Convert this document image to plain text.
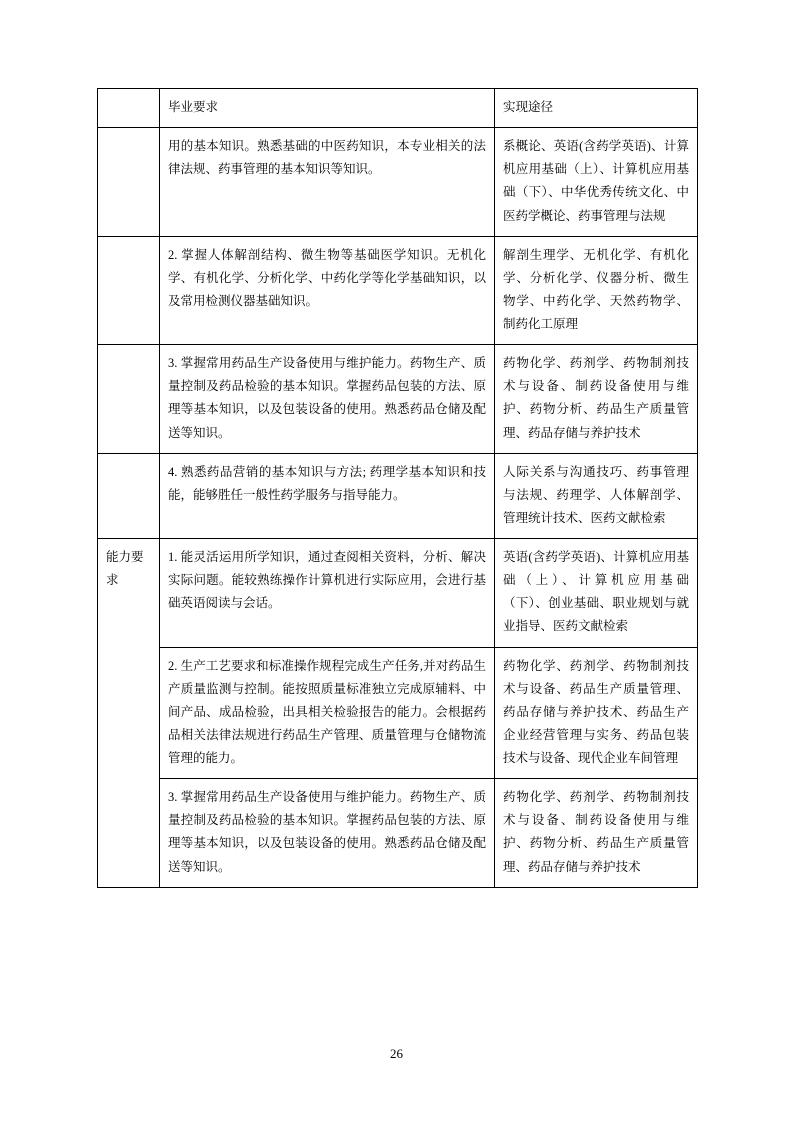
	毕业要求	实现途径

	用的基本知识。熟悉基础的中医药知识，本专业相关的法律法规、药事管理的基本知识等知识。	系概论、英语(含药学英语)、计算机应用基础（上）、计算机应用基础（下）、中华优秀传统文化、中医药学概论、药事管理与法规

	2. 掌握人体解剖结构、微生物等基础医学知识。无机化学、有机化学、分析化学、中药化学等化学基础知识，以及常用检测仪器基础知识。	解剖生理学、无机化学、有机化学、分析化学、仪器分析、微生物学、中药化学、天然药物学、制药化工原理

	3. 掌握常用药品生产设备使用与维护能力。药物生产、质量控制及药品检验的基本知识。掌握药品包装的方法、原理等基本知识，以及包装设备的使用。熟悉药品仓储及配送等知识。	药物化学、药剂学、药物制剂技术与设备、制药设备使用与维护、药物分析、药品生产质量管理、药品存储与养护技术

	4. 熟悉药品营销的基本知识与方法; 药理学基本知识和技能，能够胜任一般性药学服务与指导能力。	人际关系与沟通技巧、药事管理与法规、药理学、人体解剖学、管理统计技术、医药文献检索

能力要求	1. 能灵活运用所学知识，通过查阅相关资料，分析、解决实际问题。能较熟练操作计算机进行实际应用，会进行基础英语阅读与会话。	英语(含药学英语)、计算机应用基础（上）、计算机应用基础（下）、创业基础、职业规划与就业指导、医药文献检索

	2. 生产工艺要求和标准操作规程完成生产任务,并对药品生产质量监测与控制。能按照质量标准独立完成原辅料、中间产品、成品检验，出具相关检验报告的能力。会根据药品相关法律法规进行药品生产管理、质量管理与仓储物流管理的能力。	药物化学、药剂学、药物制剂技术与设备、药品生产质量管理、药品存储与养护技术、药品生产企业经营管理与实务、药品包装技术与设备、现代企业车间管理

	3. 掌握常用药品生产设备使用与维护能力。药物生产、质量控制及药品检验的基本知识。掌握药品包装的方法、原理等基本知识，以及包装设备的使用。熟悉药品仓储及配送等知识。	药物化学、药剂学、药物制剂技术与设备、制药设备使用与维护、药物分析、药品生产质量管理、药品存储与养护技术

26
